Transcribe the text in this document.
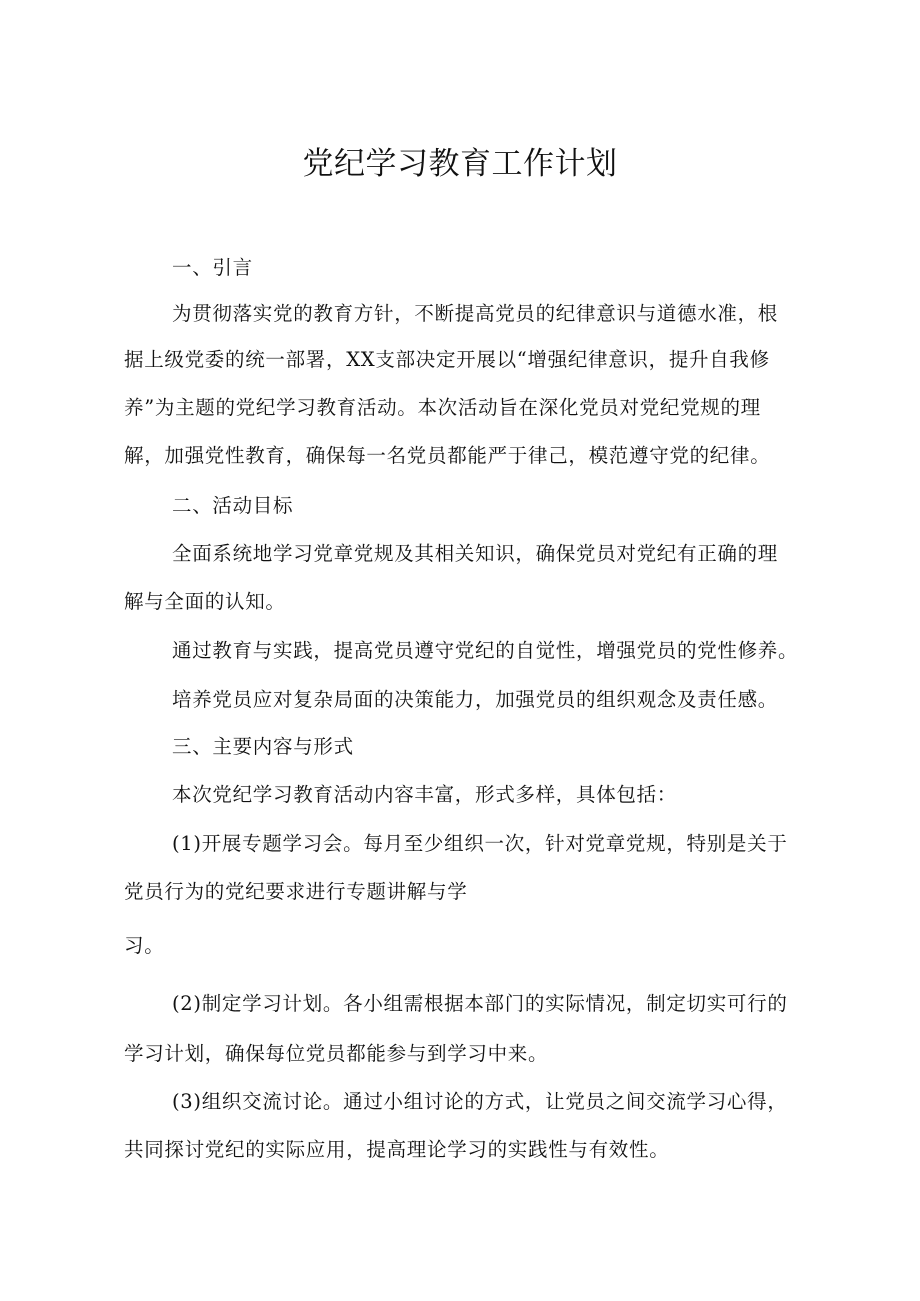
党纪学习教育工作计划
一、引言
为贯彻落实党的教育方针，不断提高党员的纪律意识与道德水准，根
据上级党委的统一部署，XX支部决定开展以“增强纪律意识，提升自我修
养”为主题的党纪学习教育活动。本次活动旨在深化党员对党纪党规的理
解，加强党性教育，确保每一名党员都能严于律己，模范遵守党的纪律。
二、活动目标
全面系统地学习党章党规及其相关知识，确保党员对党纪有正确的理
解与全面的认知。
通过教育与实践，提高党员遵守党纪的自觉性，增强党员的党性修养。
培养党员应对复杂局面的决策能力，加强党员的组织观念及责任感。
三、主要内容与形式
本次党纪学习教育活动内容丰富，形式多样，具体包括：
(1)开展专题学习会。每月至少组织一次，针对党章党规，特别是关于
党员行为的党纪要求进行专题讲解与学
习。
(2)制定学习计划。各小组需根据本部门的实际情况，制定切实可行的
学习计划，确保每位党员都能参与到学习中来。
(3)组织交流讨论。通过小组讨论的方式，让党员之间交流学习心得，
共同探讨党纪的实际应用，提高理论学习的实践性与有效性。
